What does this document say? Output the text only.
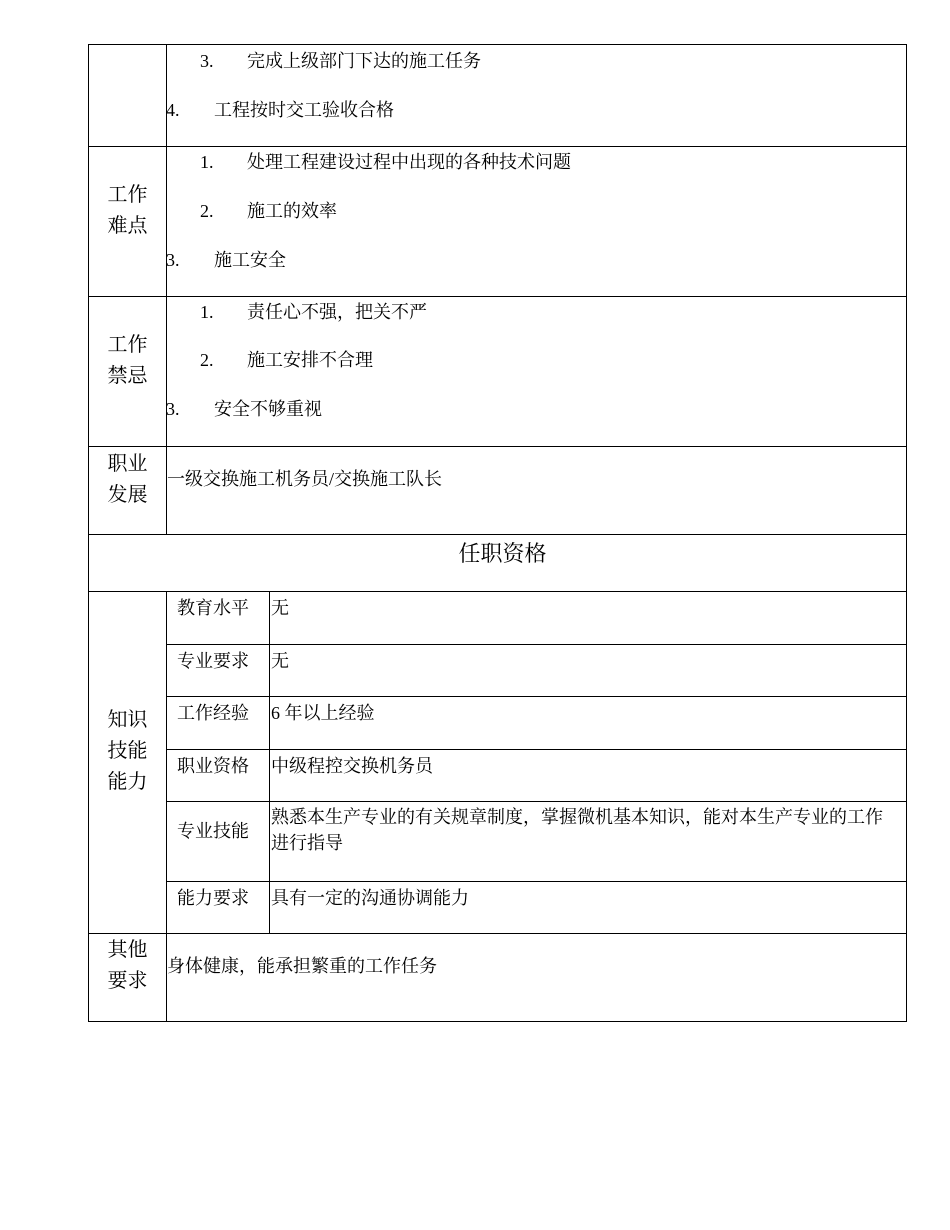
3. 完成上级部门下达的施工任务
4. 工程按时交工验收合格
工作
难点
1. 处理工程建设过程中出现的各种技术问题
2. 施工的效率
3. 施工安全
工作
禁忌
1. 责任心不强，把关不严
2. 施工安排不合理
3. 安全不够重视
职业
发展
一级交换施工机务员/交换施工队长
任职资格
知识
技能
能力
教育水平 无
专业要求 无
工作经验 6 年以上经验
职业资格 中级程控交换机务员
专业技能
熟悉本生产专业的有关规章制度，掌握微机基本知识，能对本生产专业的工作进行指导
能力要求 具有一定的沟通协调能力
其他
要求
身体健康，能承担繁重的工作任务
